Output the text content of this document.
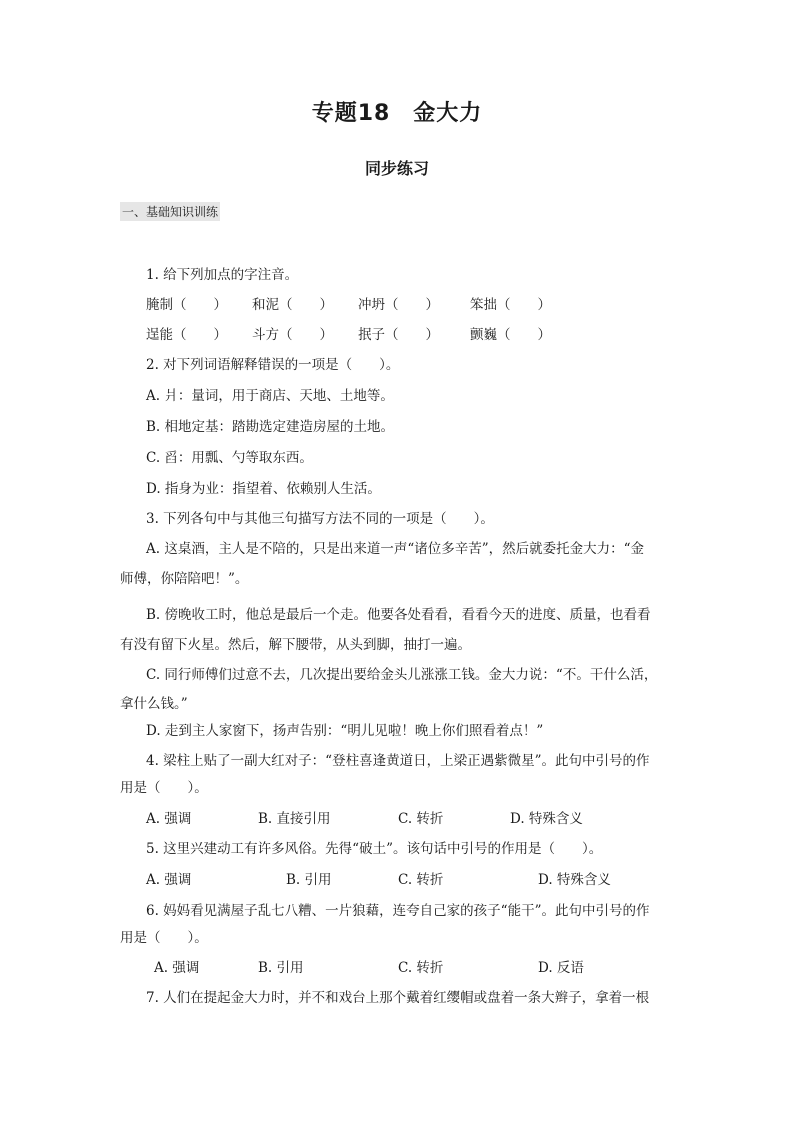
专题18　金大力
同步练习
一、基础知识训练
1. 给下列加点的字注音。
腌制（　　） 和泥（　　） 冲坍（　　） 笨拙（　　）
逞能（　　） 斗方（　　） 抿子（　　） 颤巍（　　）
2. 对下列词语解释错误的一项是（　　）。
A. 爿：量词，用于商店、天地、土地等。
B. 相地定基：踏勘选定建造房屋的土地。
C. 舀：用瓢、勺等取东西。
D. 指身为业：指望着、依赖别人生活。
3. 下列各句中与其他三句描写方法不同的一项是（　　）。
A. 这桌酒，主人是不陪的，只是出来道一声“诸位多辛苦”，然后就委托金大力：“金
师傅，你陪陪吧！”。
B. 傍晚收工时，他总是最后一个走。他要各处看看，看看今天的进度、质量，也看看
有没有留下火星。然后，解下腰带，从头到脚，抽打一遍。
C. 同行师傅们过意不去，几次提出要给金头儿涨涨工钱。金大力说：“不。干什么活，
拿什么钱。”
D. 走到主人家窗下，扬声告别：“明儿见啦！晚上你们照看着点！”
4. 梁柱上贴了一副大红对子：“登柱喜逢黄道日，上梁正遇紫微星”。此句中引号的作
用是（　　）。
A. 强调	B. 直接引用	C. 转折	D. 特殊含义
5. 这里兴建动工有许多风俗。先得“破土”。该句话中引号的作用是（　　）。
A. 强调	B. 引用	C. 转折	D. 特殊含义
6. 妈妈看见满屋子乱七八糟、一片狼藉，连夸自己家的孩子“能干”。此句中引号的作
用是（　　）。
A. 强调	B. 引用	C. 转折	D. 反语
7. 人们在提起金大力时，并不和戏台上那个戴着红缨帽或盘着一条大辫子，拿着一根
